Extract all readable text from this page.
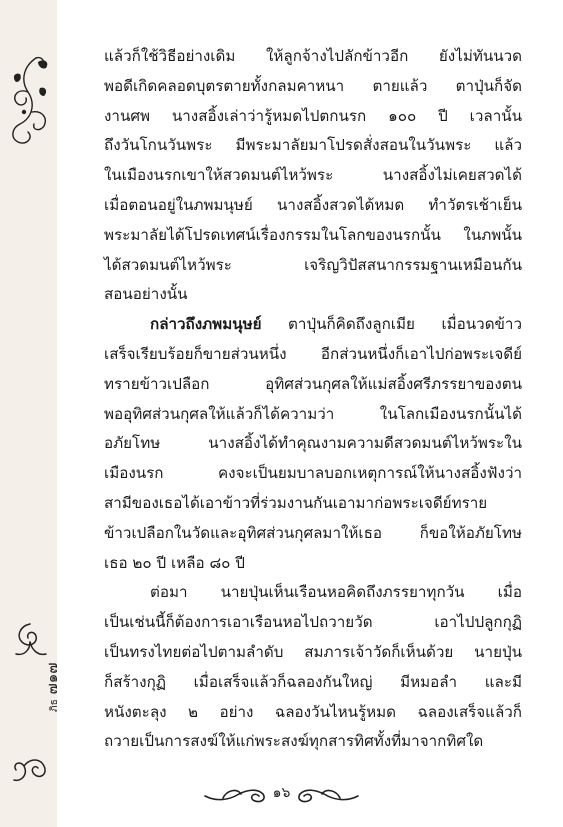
ภิธ ๗๑๗
แล้วก็ใช้วิธีอย่างเดิม ให้ลูกจ้างไปลักข้าวอีก ยังไม่ทันนวด
พอดีเกิดคลอดบุตรตายทั้งกลมคาหนา ตายแล้ว ตาปุ่นก็จัด
งานศพ นางสอิ้งเล่าว่ารู้หมดไปตกนรก ๑๐๐ ปี เวลานั้น
ถึงวันโกนวันพระ มีพระมาลัยมาโปรดสั่งสอนในวันพระ แล้ว
ในเมืองนรกเขาให้สวดมนต์ไหว้พระ นางสอิ้งไม่เคยสวดได้
เมื่อตอนอยู่ในภพมนุษย์ นางสอิ้งสวดได้หมด ทำวัตรเช้าเย็น
พระมาลัยได้โปรดเทศน์เรื่องกรรมในโลกของนรกนั้น ในภพนั้น
ได้สวดมนต์ไหว้พระ เจริญวิปัสสนากรรมฐานเหมือนกัน
สอนอย่างนั้น
กล่าวถึงภพมนุษย์ ตาปุ่นก็คิดถึงลูกเมีย เมื่อนวดข้าว
เสร็จเรียบร้อยก็ขายส่วนหนึ่ง อีกส่วนหนึ่งก็เอาไปก่อพระเจดีย์
ทรายข้าวเปลือก อุทิศส่วนกุศลให้แม่สอิ้งศรีภรรยาของตน
พออุทิศส่วนกุศลให้แล้วก็ได้ความว่า ในโลกเมืองนรกนั้นได้
อภัยโทษ นางสอิ้งได้ทำคุณงามความดีสวดมนต์ไหว้พระใน
เมืองนรก คงจะเป็นยมบาลบอกเหตุการณ์ให้นางสอิ้งฟังว่า
สามีของเธอได้เอาข้าวที่ร่วมงานกันเอามาก่อพระเจดีย์ทราย
ข้าวเปลือกในวัดและอุทิศส่วนกุศลมาให้เธอ ก็ขอให้อภัยโทษ
เธอ ๒๐ ปี เหลือ ๘๐ ปี
ต่อมา นายปุ่นเห็นเรือนหอคิดถึงภรรยาทุกวัน เมื่อ
เป็นเช่นนี้ก็ต้องการเอาเรือนหอไปถวายวัด เอาไปปลูกกุฏิ
เป็นทรงไทยต่อไปตามลำดับ สมภารเจ้าวัดก็เห็นด้วย นายปุ่น
ก็สร้างกุฏิ เมื่อเสร็จแล้วก็ฉลองกันใหญ่ มีหมอลำ และมี
หนังตะลุง ๒ อย่าง ฉลองวันไหนรู้หมด ฉลองเสร็จแล้วก็
ถวายเป็นการสงฆ์ให้แก่พระสงฆ์ทุกสารทิศทั้งที่มาจากทิศใด
๑๖
